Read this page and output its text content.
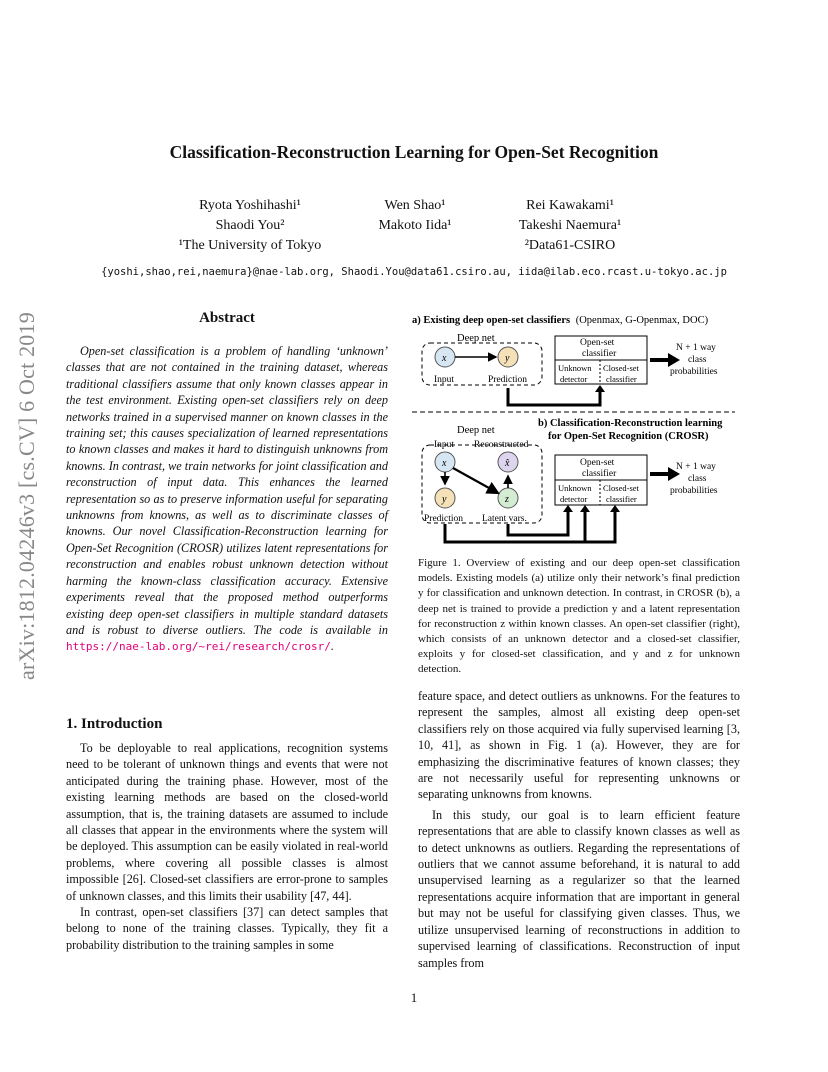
Classification-Reconstruction Learning for Open-Set Recognition
Ryota Yoshihashi¹
Shaodi You²
Wen Shao¹
Makoto Iida¹
Rei Kawakami¹
Takeshi Naemura¹
¹The University of Tokyo	²Data61-CSIRO
{yoshi,shao,rei,naemura}@nae-lab.org, Shaodi.You@data61.csiro.au, iida@ilab.eco.rcast.u-tokyo.ac.jp
arXiv:1812.04246v3 [cs.CV] 6 Oct 2019	Abstract
Open-set classification is a problem of handling ‘unknown’ classes that are not contained in the training dataset, whereas traditional classifiers assume that only known classes appear in the test environment. Existing open-set classifiers rely on deep networks trained in a supervised manner on known classes in the training set; this causes specialization of learned representations to known classes and makes it hard to distinguish unknowns from knowns. In contrast, we train networks for joint classification and reconstruction of input data. This enhances the learned representation so as to preserve information useful for separating unknowns from knowns, as well as to discriminate classes of knowns. Our novel Classification-Reconstruction learning for Open-Set Recognition (CROSR) utilizes latent representations for reconstruction and enables robust unknown detection without harming the known-class classification accuracy. Extensive experiments reveal that the proposed method outperforms existing deep open-set classifiers in multiple standard datasets and is robust to diverse outliers. The code is available in https://nae-lab.org/~rei/research/crosr/.
1. Introduction

To be deployable to real applications, recognition systems need to be tolerant of unknown things and events that were not anticipated during the training phase. However, most of the existing learning methods are based on the closed-world assumption, that is, the training datasets are assumed to include all classes that appear in the environments where the system will be deployed. This assumption can be easily violated in real-world problems, where covering all possible classes is almost impossible [26]. Closed-set classifiers are error-prone to samples of unknown classes, and this limits their usability [47, 44].

In contrast, open-set classifiers [37] can detect samples that belong to none of the training classes. Typically, they fit a probability distribution to the training samples in some

a) Existing deep open-set classifiers (Openmax, G-Openmax, DOC)
Deep net
x	y
Input	Prediction
Open-set
classifier
Unknown
detector
Closed-set
classifier
N + 1 way
class
probabilities
b) Classification-Reconstruction learning
for Open-Set Recognition (CROSR)
Deep net
Input Reconstructed
x	x̂
y	z
Prediction Latent vars.
Open-set
classifier
Unknown
detector
Closed-set
classifier
N + 1 way
class
probabilities
Figure 1. Overview of existing and our deep open-set classification models. Existing models (a) utilize only their network’s final prediction y for classification and unknown detection. In contrast, in CROSR (b), a deep net is trained to provide a prediction y and a latent representation for reconstruction z within known classes. An open-set classifier (right), which consists of an unknown detector and a closed-set classifier, exploits y for closed-set classification, and y and z for unknown detection.

feature space, and detect outliers as unknowns. For the features to represent the samples, almost all existing deep open-set classifiers rely on those acquired via fully supervised learning [3, 10, 41], as shown in Fig. 1 (a). However, they are for emphasizing the discriminative features of known classes; they are not necessarily useful for representing unknowns or separating unknowns from knowns.

In this study, our goal is to learn efficient feature representations that are able to classify known classes as well as to detect unknowns as outliers. Regarding the representations of outliers that we cannot assume beforehand, it is natural to add unsupervised learning as a regularizer so that the learned representations acquire information that are important in general but may not be useful for classifying given classes. Thus, we utilize unsupervised learning of reconstructions in addition to supervised learning of classifications. Reconstruction of input samples from

1
